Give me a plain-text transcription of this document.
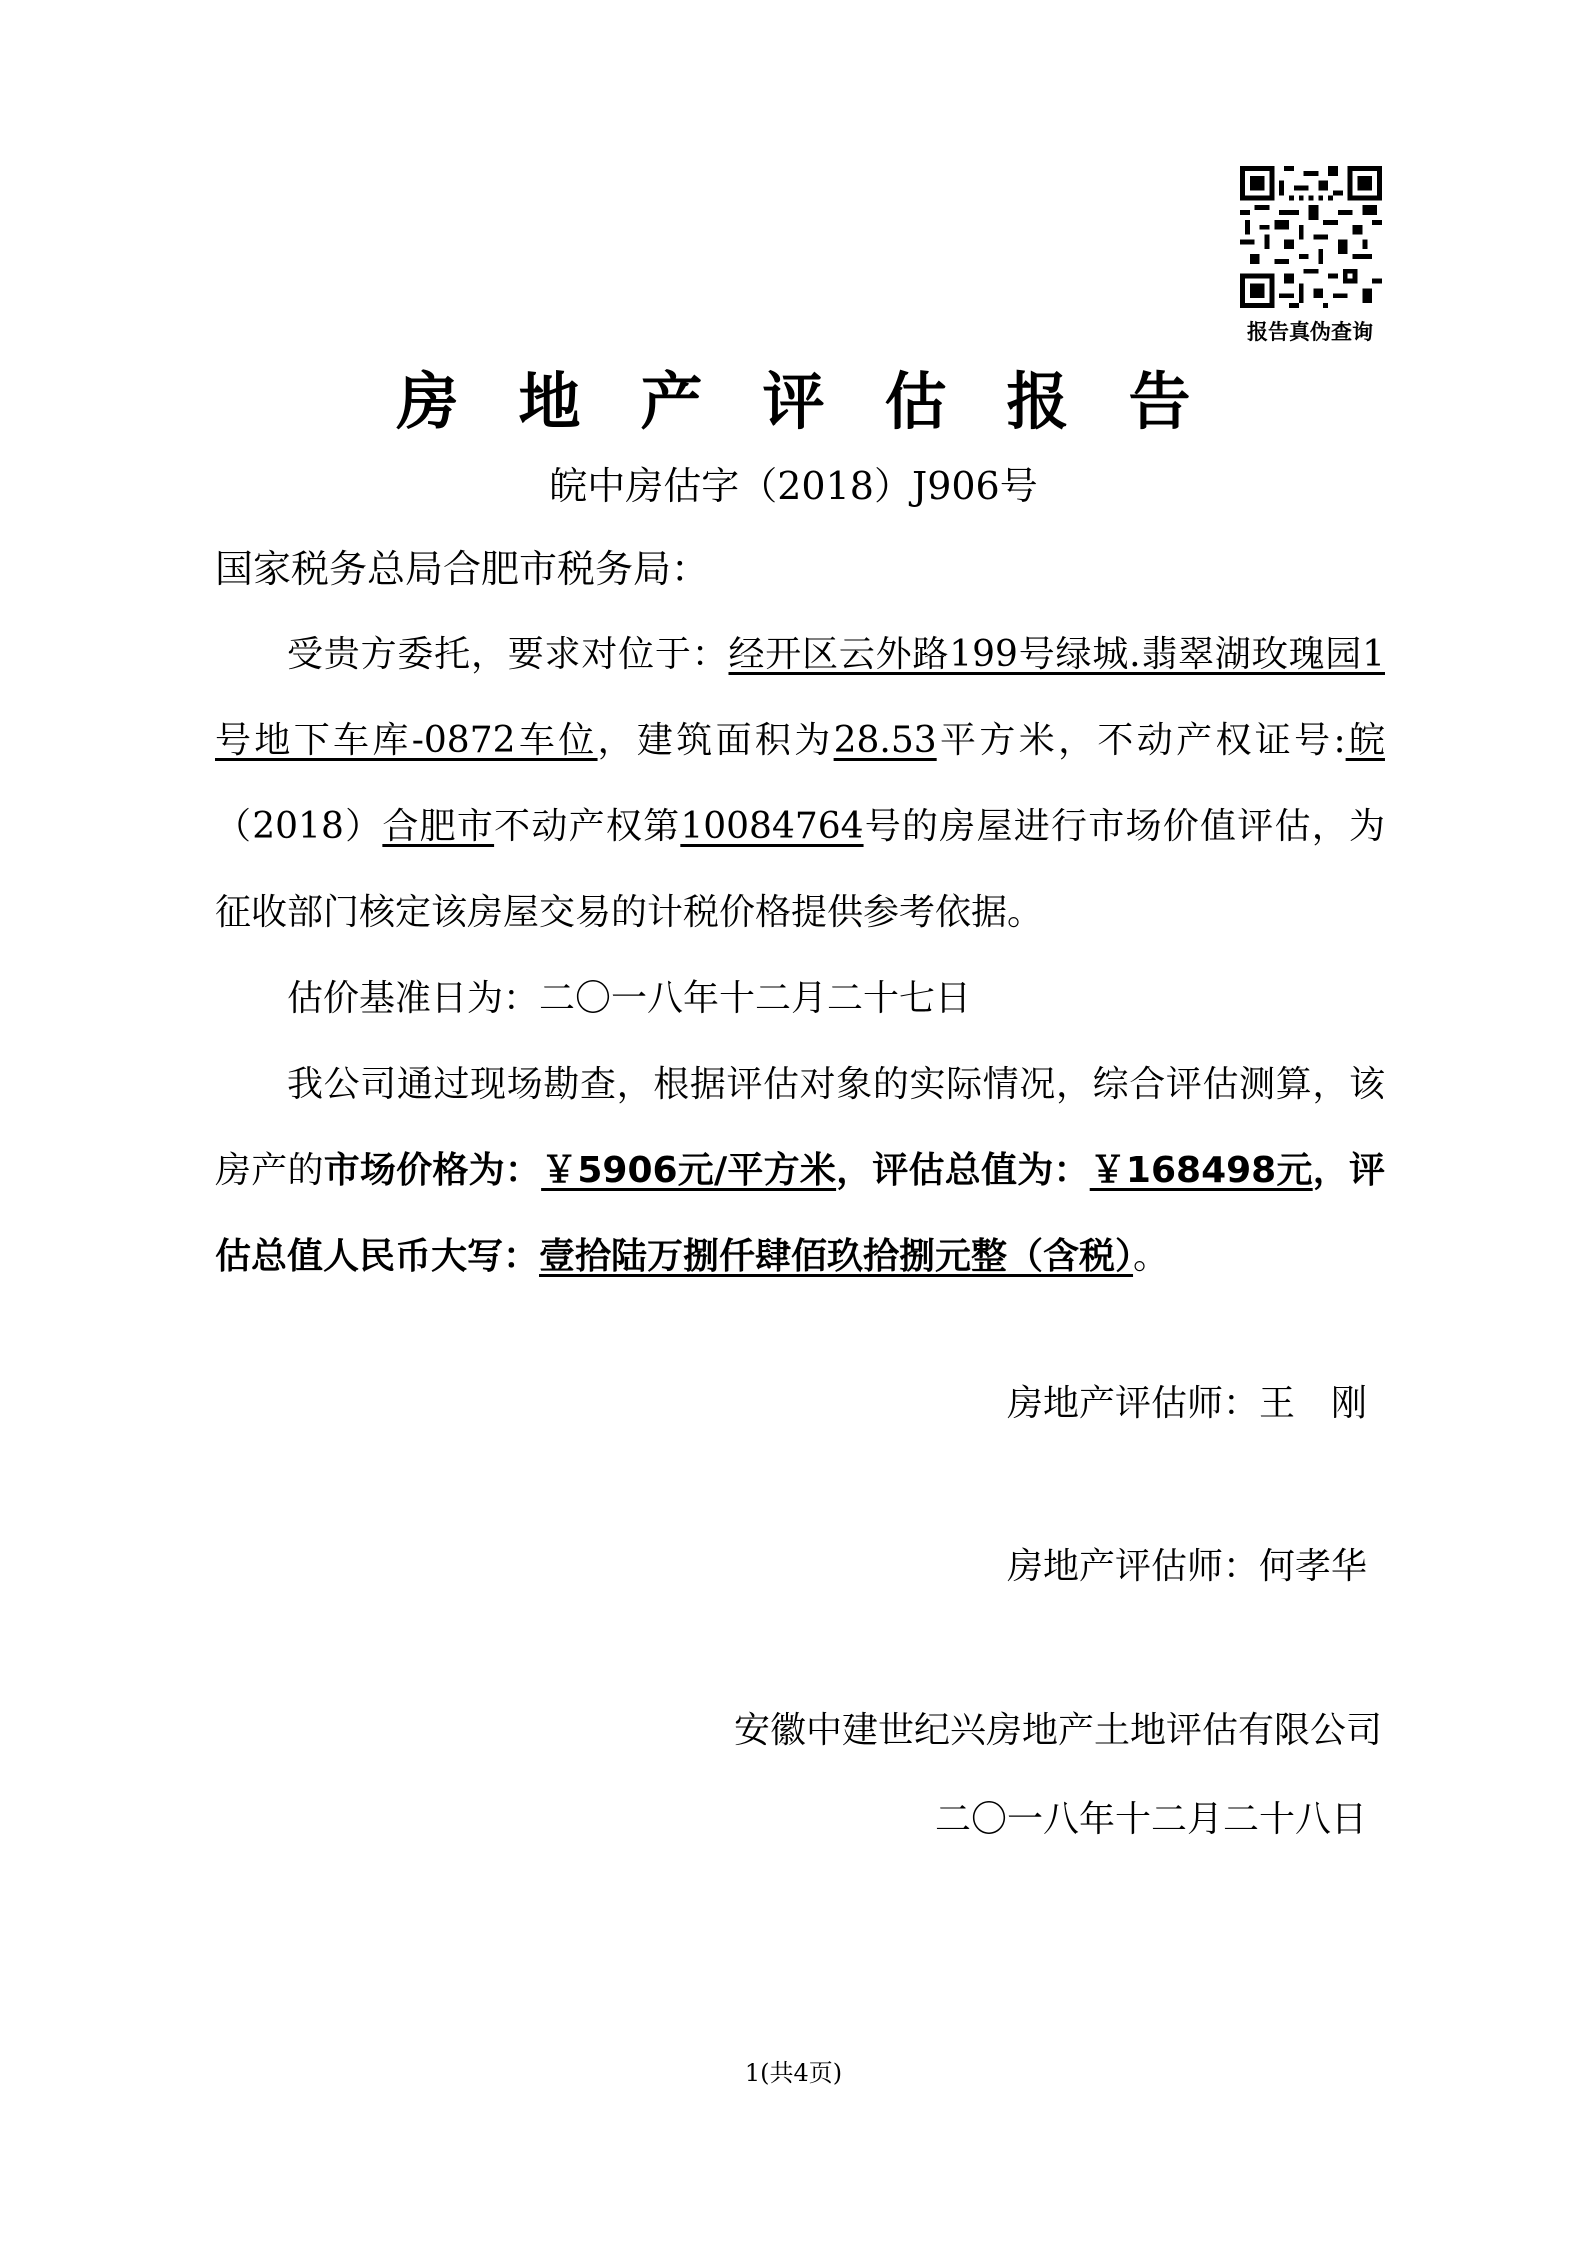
报告真伪查询
房地产评估报告
皖中房估字（2018）J906号
国家税务总局合肥市税务局：

受贵方委托，要求对位于：经开区云外路199号绿城.翡翠湖玫瑰园1号地下车库-0872车位，建筑面积为28.53平方米，不动产权证号:皖（2018）合肥市不动产权第10084764号的房屋进行市场价值评估，为征收部门核定该房屋交易的计税价格提供参考依据。

估价基准日为：二〇一八年十二月二十七日

我公司通过现场勘查，根据评估对象的实际情况，综合评估测算，该房产的市场价格为：￥5906元/平方米，评估总值为：￥168498元，评估总值人民币大写：壹拾陆万捌仟肆佰玖拾捌元整（含税）。

房地产评估师：王　刚
房地产评估师：何孝华
安徽中建世纪兴房地产土地评估有限公司
二〇一八年十二月二十八日
1(共4页)
